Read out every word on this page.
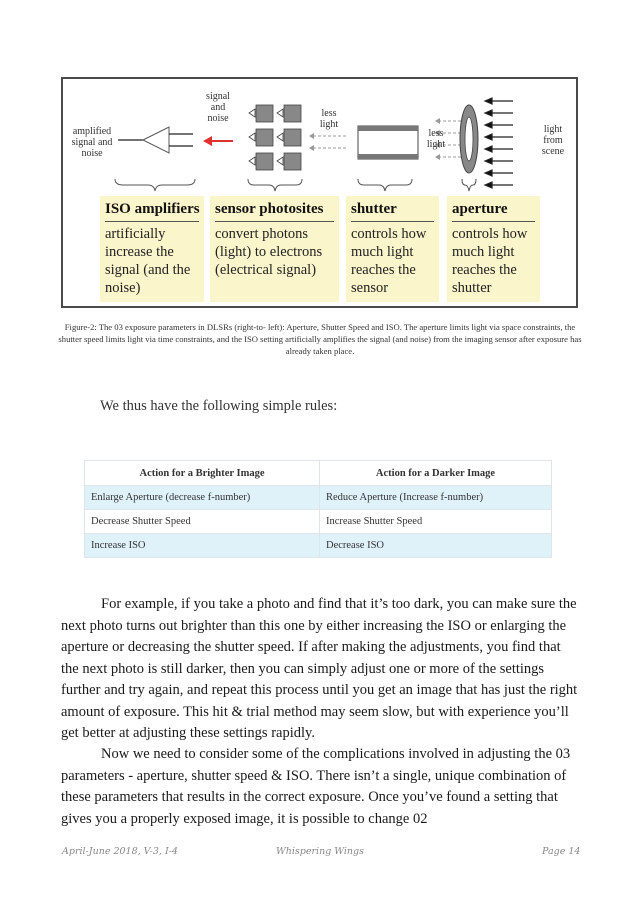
amplified signal and noise
signal and noise	less light
less light
light from scene
ISO amplifiers
artificially increase the signal (and the noise)
sensor photosites
convert photons (light) to electrons (electrical signal)
shutter
controls how much light reaches the sensor
aperture
controls how much light reaches the shutter
Figure-2: The 03 exposure parameters in DLSRs (right-to- left): Aperture, Shutter Speed and ISO. The aperture limits light via space constraints, the shutter speed limits light via time constraints, and the ISO setting artificially amplifies the signal (and noise) from the imaging sensor after exposure has already taken place.
We thus have the following simple rules:
Action for a Brighter Image	Action for a Darker Image
Enlarge Aperture (decrease f-number)	Reduce Aperture (Increase f-number)
Decrease Shutter Speed	Increase Shutter Speed
Increase ISO	Decrease ISO
For example, if you take a photo and find that it’s too dark, you can make sure the next photo turns out brighter than this one by either increasing the ISO or enlarging the aperture or decreasing the shutter speed. If after making the adjustments, you find that the next photo is still darker, then you can simply adjust one or more of the settings further and try again, and repeat this process until you get an image that has just the right amount of exposure. This hit & trial method may seem slow, but with experience you’ll get better at adjusting these settings rapidly.
Now we need to consider some of the complications involved in adjusting the 03 parameters - aperture, shutter speed & ISO. There isn’t a single, unique combination of these parameters that results in the correct exposure. Once you’ve found a setting that gives you a properly exposed image, it is possible to change 02
April-June 2018, V-3, I-4	Whispering Wings	Page 14
